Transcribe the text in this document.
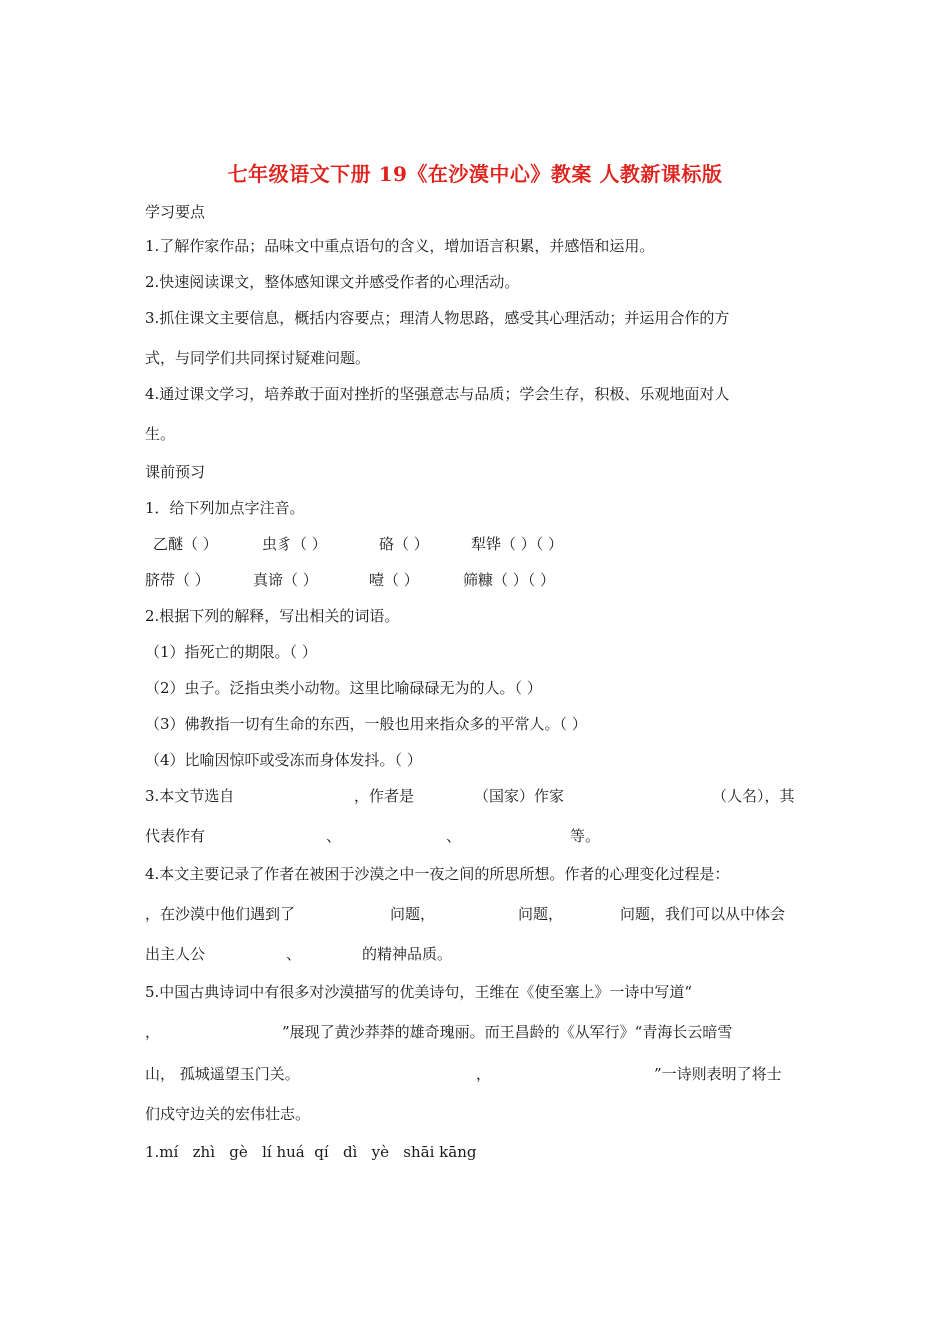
七年级语文下册 19《在沙漠中心》教案 人教新课标版
学习要点
1.了解作家作品；品味文中重点语句的含义，增加语言积累，并感悟和运用。
2.快速阅读课文，整体感知课文并感受作者的心理活动。
3.抓住课文主要信息，概括内容要点；理清人物思路，感受其心理活动；并运用合作的方
式，与同学们共同探讨疑难问题。
4.通过课文学习，培养敢于面对挫折的坚强意志与品质；学会生存，积极、乐观地面对人
生。
课前预习
1．给下列加点字注音。
乙醚（ ）	虫豸（ ）	硌（ ）	犁铧（ ）（ ）
脐带（ ）	真谛（ ）	噎（ ）	筛糠（ ）（ ）
2.根据下列的解释，写出相关的词语。
（1）指死亡的期限。（ ）
（2）虫子。泛指虫类小动物。这里比喻碌碌无为的人。（ ）
（3）佛教指一切有生命的东西，一般也用来指众多的平常人。（ ）
（4）比喻因惊吓或受冻而身体发抖。（ ）
3.本文节选自	，作者是	（国家）作家	（人名），其
代表作有	、	、	等。
4.本文主要记录了作者在被困于沙漠之中一夜之间的所思所想。作者的心理变化过程是：
，在沙漠中他们遇到了	问题，	问题，	问题，我们可以从中体会
出主人公	、	的精神品质。
5.中国古典诗词中有很多对沙漠描写的优美诗句，王维在《使至塞上》一诗中写道“
，	”展现了黄沙莽莽的雄奇瑰丽。而王昌龄的《从军行》“青海长云暗雪
山， 孤城遥望玉门关。	，	”一诗则表明了将士
们戍守边关的宏伟壮志。
1.mí   zhì   gè   lí huá  qí   dì   yè   shāi kāng
